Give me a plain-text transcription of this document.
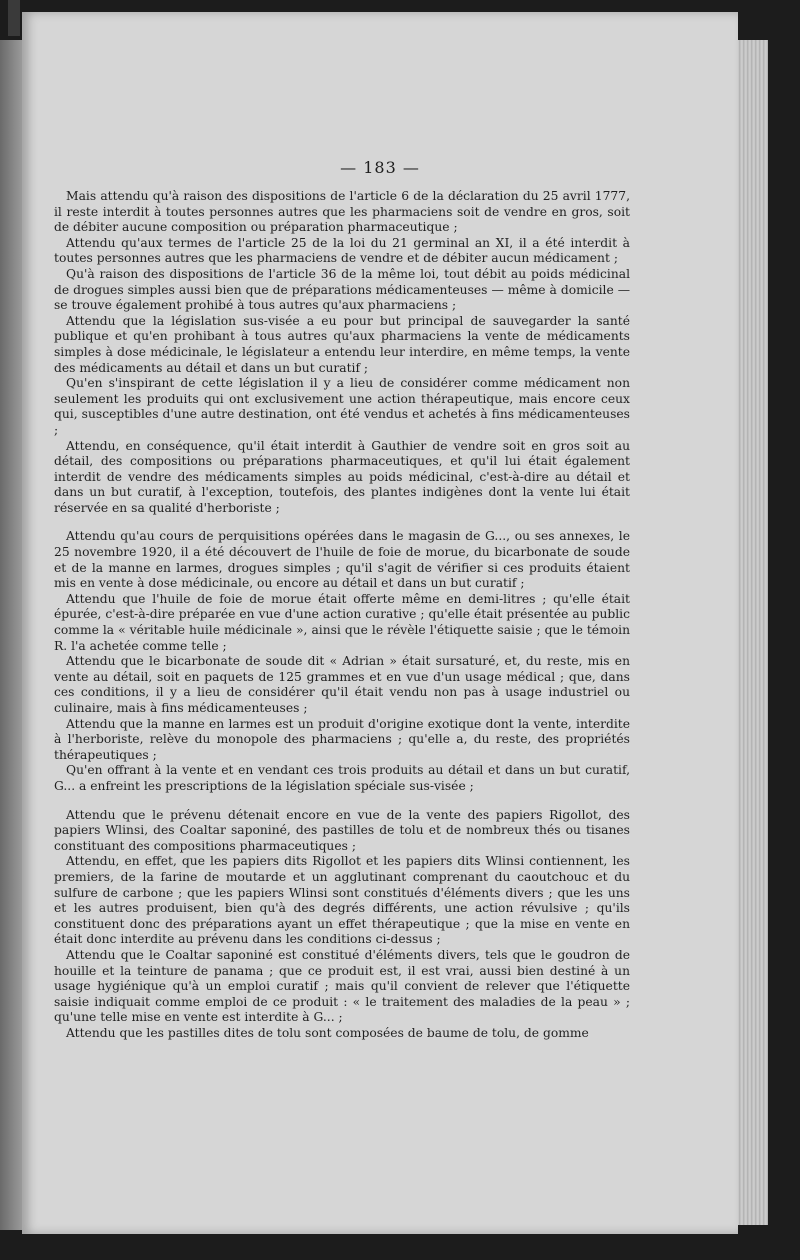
— 183 —

Mais attendu qu'à raison des dispositions de l'article 6 de la déclaration du 25 avril 1777, il reste interdit à toutes personnes autres que les pharmaciens soit de vendre en gros, soit de débiter aucune composition ou préparation pharmaceutique ;

Attendu qu'aux termes de l'article 25 de la loi du 21 germinal an XI, il a été interdit à toutes personnes autres que les pharmaciens de vendre et de débiter aucun médicament ;

Qu'à raison des dispositions de l'article 36 de la même loi, tout débit au poids médicinal de drogues simples aussi bien que de préparations médicamenteuses — même à domicile — se trouve également prohibé à tous autres qu'aux pharmaciens ;

Attendu que la législation sus-visée a eu pour but principal de sauvegarder la santé publique et qu'en prohibant à tous autres qu'aux pharmaciens la vente de médicaments simples à dose médicinale, le législateur a entendu leur interdire, en même temps, la vente des médicaments au détail et dans un but curatif ;

Qu'en s'inspirant de cette législation il y a lieu de considérer comme médicament non seulement les produits qui ont exclusivement une action thérapeutique, mais encore ceux qui, susceptibles d'une autre destination, ont été vendus et achetés à fins médicamenteuses ;

Attendu, en conséquence, qu'il était interdit à Gauthier de vendre soit en gros soit au détail, des compositions ou préparations pharmaceutiques, et qu'il lui était également interdit de vendre des médicaments simples au poids médicinal, c'est-à-dire au détail et dans un but curatif, à l'exception, toutefois, des plantes indigènes dont la vente lui était réservée en sa qualité d'herboriste ;

Attendu qu'au cours de perquisitions opérées dans le magasin de G..., ou ses annexes, le 25 novembre 1920, il a été découvert de l'huile de foie de morue, du bicarbonate de soude et de la manne en larmes, drogues simples ; qu'il s'agit de vérifier si ces produits étaient mis en vente à dose médicinale, ou encore au détail et dans un but curatif ;

Attendu que l'huile de foie de morue était offerte même en demi-litres ; qu'elle était épurée, c'est-à-dire préparée en vue d'une action curative ; qu'elle était présentée au public comme la « véritable huile médicinale », ainsi que le révèle l'étiquette saisie ; que le témoin R. l'a achetée comme telle ;

Attendu que le bicarbonate de soude dit « Adrian » était sursaturé, et, du reste, mis en vente au détail, soit en paquets de 125 grammes et en vue d'un usage médical ; que, dans ces conditions, il y a lieu de considérer qu'il était vendu non pas à usage industriel ou culinaire, mais à fins médicamenteuses ;

Attendu que la manne en larmes est un produit d'origine exotique dont la vente, interdite à l'herboriste, relève du monopole des pharmaciens ; qu'elle a, du reste, des propriétés thérapeutiques ;

Qu'en offrant à la vente et en vendant ces trois produits au détail et dans un but curatif, G... a enfreint les prescriptions de la législation spéciale sus-visée ;

Attendu que le prévenu détenait encore en vue de la vente des papiers Rigollot, des papiers Wlinsi, des Coaltar saponiné, des pastilles de tolu et de nombreux thés ou tisanes constituant des compositions pharmaceutiques ;

Attendu, en effet, que les papiers dits Rigollot et les papiers dits Wlinsi contiennent, les premiers, de la farine de moutarde et un agglutinant comprenant du caoutchouc et du sulfure de carbone ; que les papiers Wlinsi sont constitués d'éléments divers ; que les uns et les autres produisent, bien qu'à des degrés différents, une action révulsive ; qu'ils constituent donc des préparations ayant un effet thérapeutique ; que la mise en vente en était donc interdite au prévenu dans les conditions ci-dessus ;

Attendu que le Coaltar saponiné est constitué d'éléments divers, tels que le goudron de houille et la teinture de panama ; que ce produit est, il est vrai, aussi bien destiné à un usage hygiénique qu'à un emploi curatif ; mais qu'il convient de relever que l'étiquette saisie indiquait comme emploi de ce produit : « le traitement des maladies de la peau » ; qu'une telle mise en vente est interdite à G... ;

Attendu que les pastilles dites de tolu sont composées de baume de tolu, de gomme
